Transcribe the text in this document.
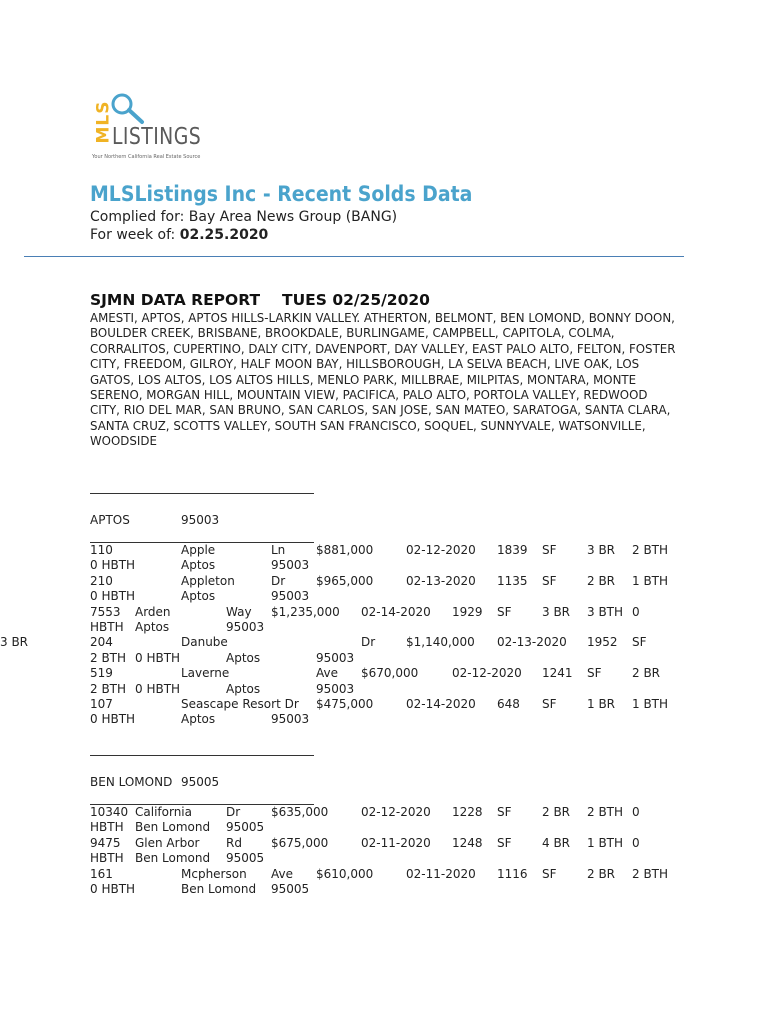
MLS LISTINGS
Your Northern California Real Estate Source
MLSListings Inc - Recent Solds Data
Complied for: Bay Area News Group (BANG)
For week of: 02.25.2020
SJMN DATA REPORT TUES 02/25/2020
AMESTI, APTOS, APTOS HILLS-LARKIN VALLEY. ATHERTON, BELMONT, BEN LOMOND, BONNY DOON, BOULDER CREEK, BRISBANE, BROOKDALE, BURLINGAME, CAMPBELL, CAPITOLA, COLMA, CORRALITOS, CUPERTINO, DALY CITY, DAVENPORT, DAY VALLEY, EAST PALO ALTO, FELTON, FOSTER CITY, FREEDOM, GILROY, HALF MOON BAY, HILLSBOROUGH, LA SELVA BEACH, LIVE OAK, LOS GATOS, LOS ALTOS, LOS ALTOS HILLS, MENLO PARK, MILLBRAE, MILPITAS, MONTARA, MONTE SERENO, MORGAN HILL, MOUNTAIN VIEW, PACIFICA, PALO ALTO, PORTOLA VALLEY, REDWOOD CITY, RIO DEL MAR, SAN BRUNO, SAN CARLOS, SAN JOSE, SAN MATEO, SARATOGA, SANTA CLARA, SANTA CRUZ, SCOTTS VALLEY, SOUTH SAN FRANCISCO, SOQUEL, SUNNYVALE, WATSONVILLE, WOODSIDE
APTOS	95003
110	Apple	Ln	$881,000	02-12-2020 1839 SF	3 BR 2 BTH
0 HBTH	Aptos	95003
210	Appleton	Dr	$965,000	02-13-2020 1135 SF	2 BR 1 BTH
0 HBTH	Aptos	95003
7553 Arden	Way $1,235,000 02-14-2020 1929 SF	3 BR 3 BTH 0
HBTH Aptos	95003
204	Danube	Dr	$1,140,000 02-13-2020 1952 SF
3 BR
2 BTH 0 HBTH	Aptos	95003
519	Laverne	Ave $670,000	02-12-2020 1241 SF	2 BR
2 BTH 0 HBTH	Aptos	95003
107	Seascape Resort Dr $475,000	02-14-2020 648 SF	1 BR 1 BTH
0 HBTH	Aptos	95003
BEN LOMOND 95005
10340 California	Dr	$635,000	02-12-2020 1228 SF	2 BR 2 BTH 0
HBTH Ben Lomond 95005
9475 Glen Arbor Rd $675,000	02-11-2020 1248 SF	4 BR 1 BTH 0
HBTH Ben Lomond 95005
161	Mcpherson Ave $610,000	02-11-2020 1116 SF	2 BR 2 BTH
0 HBTH	Ben Lomond 95005
